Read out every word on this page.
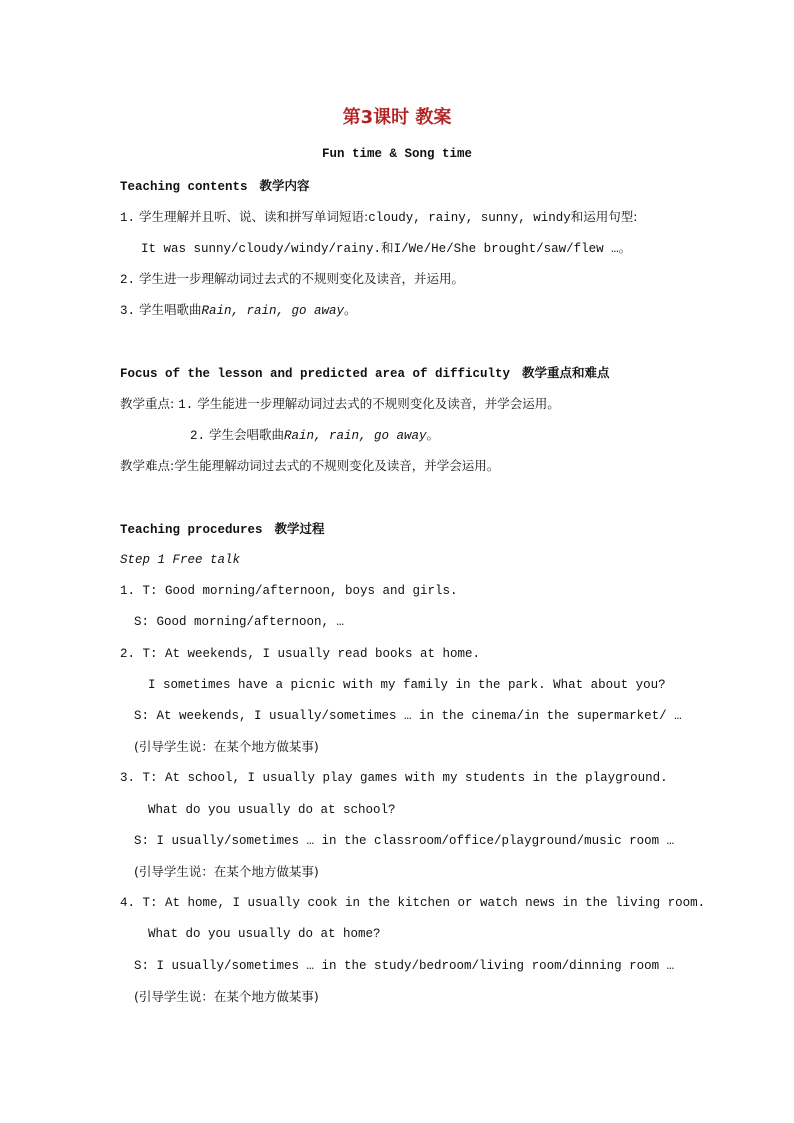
第3课时 教案
Fun time & Song time
Teaching contents 教学内容
1. 学生理解并且听、说、读和拼写单词短语:cloudy, rainy, sunny, windy和运用句型:
It was sunny/cloudy/windy/rainy.和I/We/He/She brought/saw/flew …。
2. 学生进一步理解动词过去式的不规则变化及读音，并运用。
3. 学生唱歌曲Rain, rain, go away。
Focus of the lesson and predicted area of difficulty 教学重点和难点
教学重点: 1. 学生能进一步理解动词过去式的不规则变化及读音，并学会运用。
2. 学生会唱歌曲Rain, rain, go away。
教学难点:学生能理解动词过去式的不规则变化及读音，并学会运用。
Teaching procedures 教学过程
Step 1 Free talk
1. T: Good morning/afternoon, boys and girls.
S: Good morning/afternoon, …
2. T: At weekends, I usually read books at home.
I sometimes have a picnic with my family in the park. What about you?
S: At weekends, I usually/sometimes … in the cinema/in the supermarket/ …
(引导学生说：在某个地方做某事)
3. T: At school, I usually play games with my students in the playground.
What do you usually do at school?
S: I usually/sometimes … in the classroom/office/playground/music room …
(引导学生说：在某个地方做某事)
4. T: At home, I usually cook in the kitchen or watch news in the living room.
What do you usually do at home?
S: I usually/sometimes … in the study/bedroom/living room/dinning room …
(引导学生说：在某个地方做某事)
